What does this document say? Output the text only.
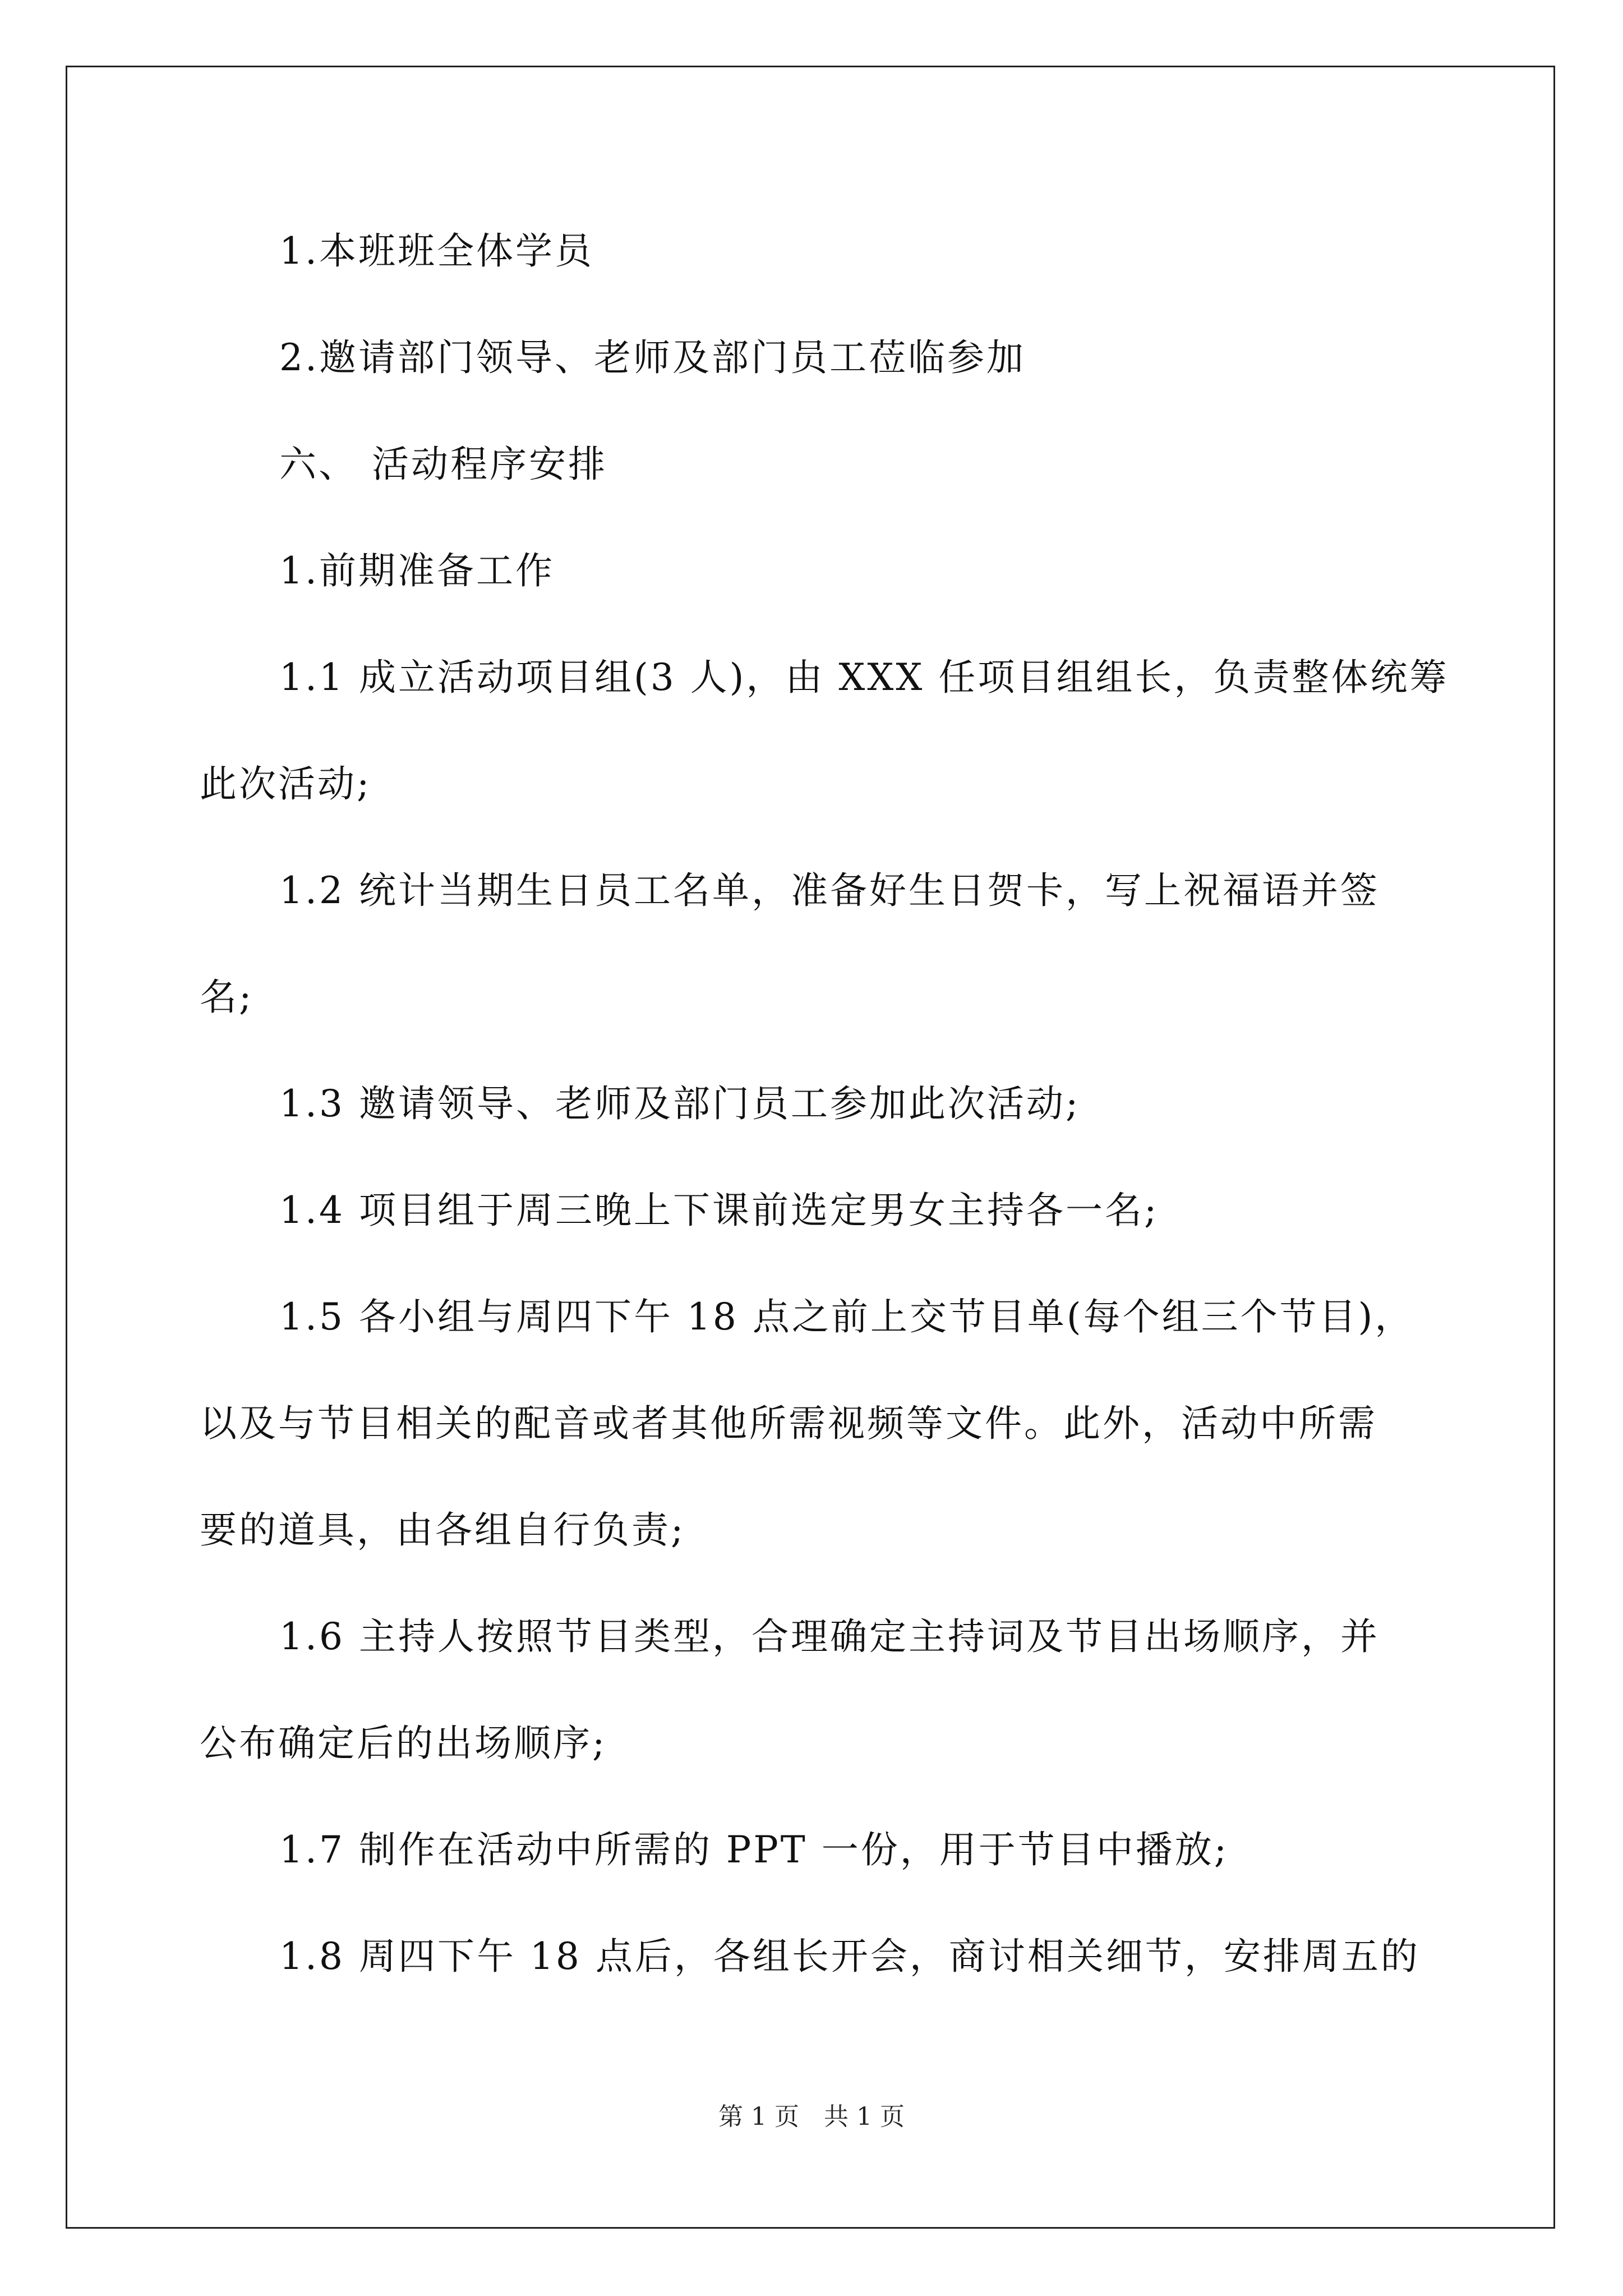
1.本班班全体学员
2.邀请部门领导、老师及部门员工莅临参加
六、 活动程序安排
1.前期准备工作
1.1 成立活动项目组(3 人)，由 XXX 任项目组组长，负责整体统筹
此次活动;
1.2 统计当期生日员工名单，准备好生日贺卡，写上祝福语并签
名;
1.3 邀请领导、老师及部门员工参加此次活动;
1.4 项目组于周三晚上下课前选定男女主持各一名;
1.5 各小组与周四下午 18 点之前上交节目单(每个组三个节目)，
以及与节目相关的配音或者其他所需视频等文件。此外，活动中所需
要的道具，由各组自行负责;
1.6 主持人按照节目类型，合理确定主持词及节目出场顺序，并
公布确定后的出场顺序;
1.7 制作在活动中所需的 PPT 一份，用于节目中播放;
1.8 周四下午 18 点后，各组长开会，商讨相关细节，安排周五的
第 1 页　共 1 页
